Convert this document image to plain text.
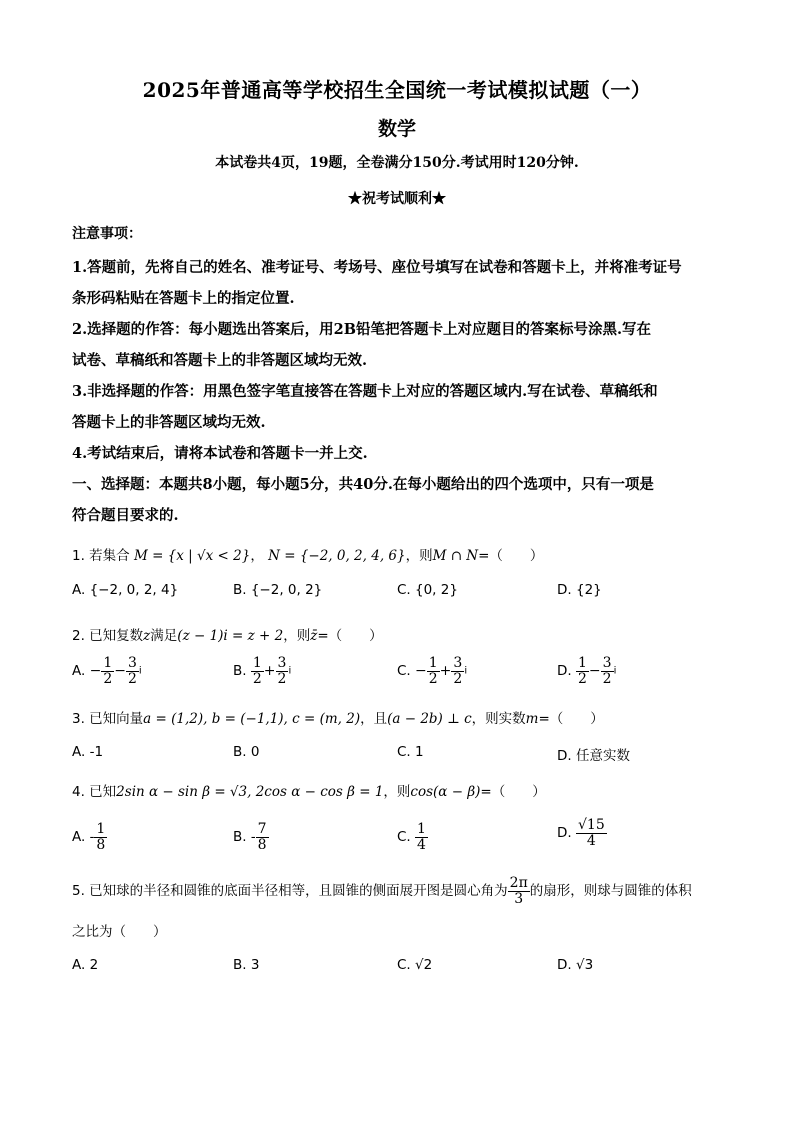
2025年普通高等学校招生全国统一考试模拟试题（一）
数学
本试卷共4页，19题，全卷满分150分.考试用时120分钟.
★祝考试顺利★
注意事项：
1.答题前，先将自己的姓名、准考证号、考场号、座位号填写在试卷和答题卡上，并将准考证号
条形码粘贴在答题卡上的指定位置.
2.选择题的作答：每小题选出答案后，用2B铅笔把答题卡上对应题目的答案标号涂黑.写在
试卷、草稿纸和答题卡上的非答题区域均无效.
3.非选择题的作答：用黑色签字笔直接答在答题卡上对应的答题区域内.写在试卷、草稿纸和
答题卡上的非答题区域均无效.
4.考试结束后，请将本试卷和答题卡一并上交.
一、选择题：本题共8小题，每小题5分，共40分.在每小题给出的四个选项中，只有一项是
符合题目要求的.
1. 若集合 M = {x | √x < 2}， N = {−2, 0, 2, 4, 6}，则M ∩ N=（　　）
A. {−2, 0, 2, 4}	B. {−2, 0, 2}	C. {0, 2}	D. {2}
2. 已知复数z满足(z − 1)i = z + 2，则z̄=（　　）
A. − $\frac{1}{2} - \frac{3}{2}$ i	B. $\frac{1}{2} + \frac{3}{2}$ i	C. − $\frac{1}{2} + \frac{3}{2}$ i	D. $\frac{1}{2} - \frac{3}{2}$ i
3. 已知向量a = (1,2), b = (−1,1), c = (m, 2)，且(a − 2b) ⊥ c，则实数m=（　　）
A. -1	B. 0	C. 1	D. 任意实数
4. 已知2sin α − sin β = √3, 2cos α − cos β = 1，则cos(α − β)=（　　）
A. - $\frac{1}{8}$	B. - $\frac{7}{8}$	C. $\frac{1}{4}$	D. $\frac{√15}{4}$
5. 已知球的半径和圆锥的底面半径相等，且圆锥的侧面展开图是圆心角为 $\frac{2\pi}{3}$ 的扇形，则球与圆锥的体积
之比为（　　）
A. 2	B. 3	C. √2	D. √3
